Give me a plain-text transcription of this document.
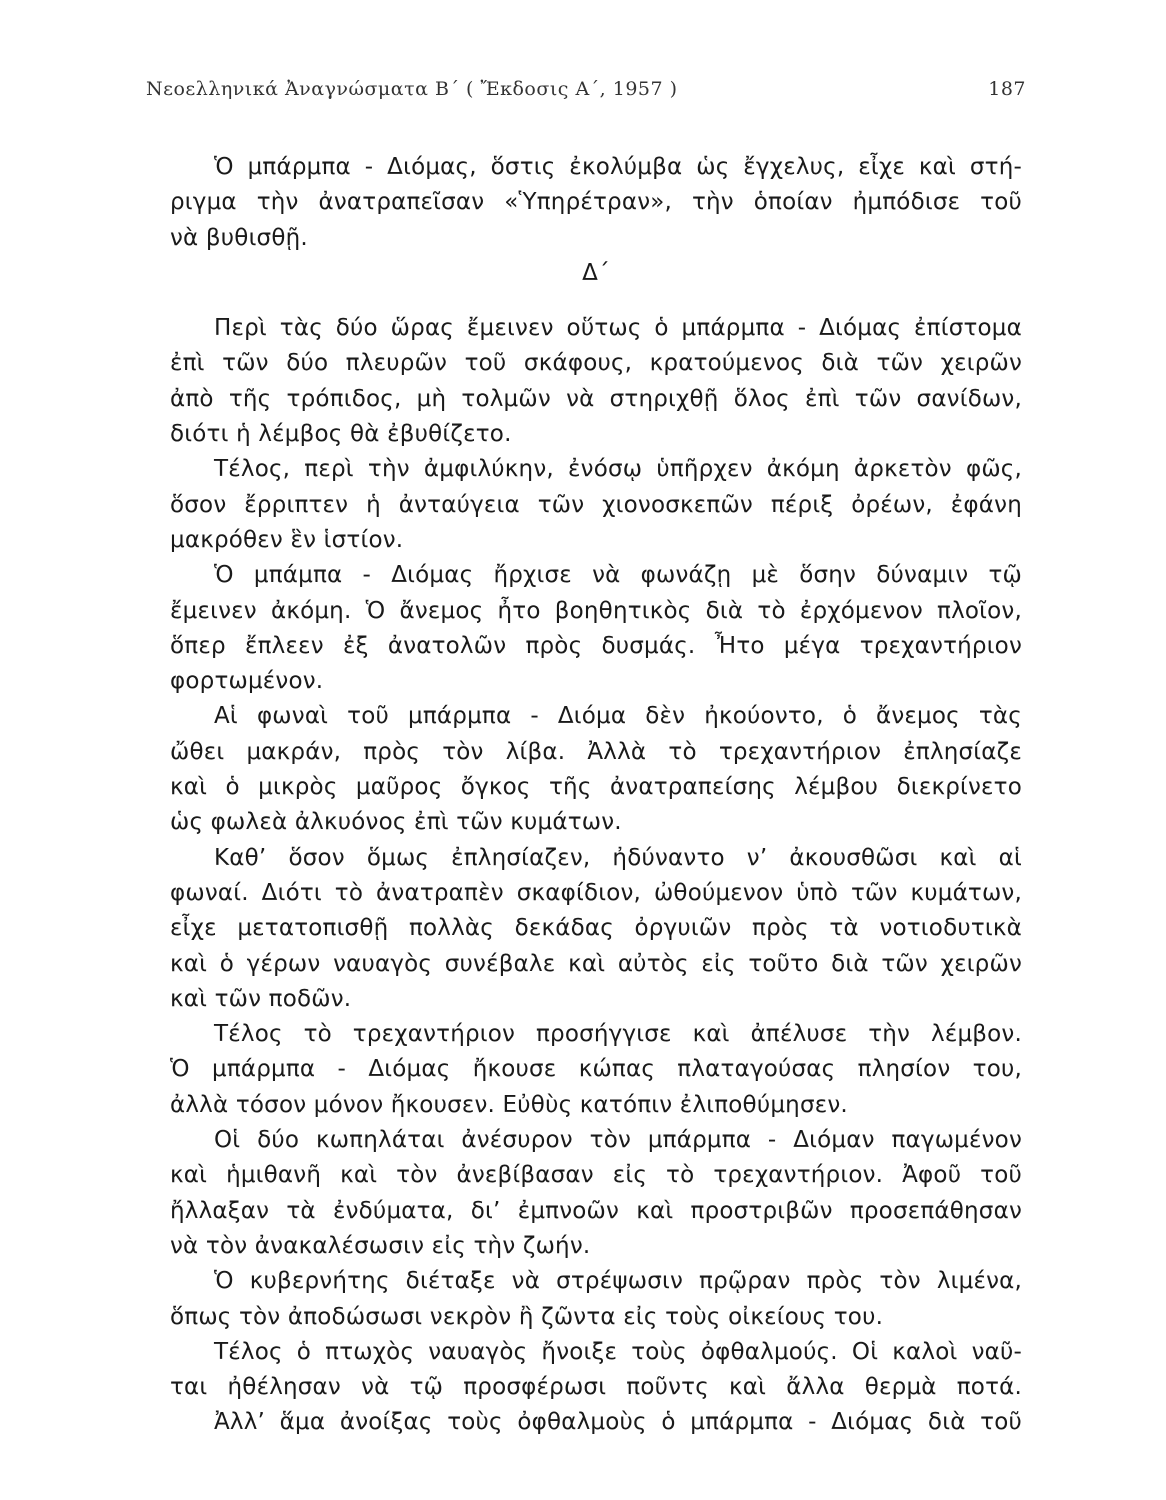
Νεοελληνικά Ἀναγνώσματα Β΄ ( Ἔκδοσις Α΄, 1957 )	187
Ὁ μπάρμπα - Διόμας, ὅστις ἐκολύμβα ὡς ἔγχελυς, εἶχε καὶ στή-
ριγμα τὴν ἀνατραπεῖσαν «Ὑπηρέτραν», τὴν ὁποίαν ἠμπόδισε τοῦ
νὰ βυθισθῇ.
Δ΄
Περὶ τὰς δύο ὥρας ἔμεινεν οὕτως ὁ μπάρμπα - Διόμας ἐπίστομα
ἐπὶ τῶν δύο πλευρῶν τοῦ σκάφους, κρατούμενος διὰ τῶν χειρῶν
ἀπὸ τῆς τρόπιδος, μὴ τολμῶν νὰ στηριχθῇ ὅλος ἐπὶ τῶν σανίδων,
διότι ἡ λέμβος θὰ ἐβυθίζετο.
Τέλος, περὶ τὴν ἀμφιλύκην, ἐνόσῳ ὑπῆρχεν ἀκόμη ἀρκετὸν φῶς,
ὅσον ἔρριπτεν ἡ ἀνταύγεια τῶν χιονοσκεπῶν πέριξ ὀρέων, ἐφάνη
μακρόθεν ἓν ἱστίον.
Ὁ μπάμπα - Διόμας ἤρχισε νὰ φωνάζῃ μὲ ὅσην δύναμιν τῷ
ἔμεινεν ἀκόμη. Ὁ ἄνεμος ἦτο βοηθητικὸς διὰ τὸ ἐρχόμενον πλοῖον,
ὅπερ ἔπλεεν ἐξ ἀνατολῶν πρὸς δυσμάς. Ἦτο μέγα τρεχαντήριον
φορτωμένον.
Αἱ φωναὶ τοῦ μπάρμπα - Διόμα δὲν ἠκούοντο, ὁ ἄνεμος τὰς
ὤθει μακράν, πρὸς τὸν λίβα. Ἀλλὰ τὸ τρεχαντήριον ἐπλησίαζε
καὶ ὁ μικρὸς μαῦρος ὄγκος τῆς ἀνατραπείσης λέμβου διεκρίνετο
ὡς φωλεὰ ἀλκυόνος ἐπὶ τῶν κυμάτων.
Καθ’ ὅσον ὅμως ἐπλησίαζεν, ἠδύναντο ν’ ἀκουσθῶσι καὶ αἱ
φωναί. Διότι τὸ ἀνατραπὲν σκαφίδιον, ὠθούμενον ὑπὸ τῶν κυμάτων,
εἶχε μετατοπισθῇ πολλὰς δεκάδας ὀργυιῶν πρὸς τὰ νοτιοδυτικὰ
καὶ ὁ γέρων ναυαγὸς συνέβαλε καὶ αὐτὸς εἰς τοῦτο διὰ τῶν χειρῶν
καὶ τῶν ποδῶν.
Τέλος τὸ τρεχαντήριον προσήγγισε καὶ ἀπέλυσε τὴν λέμβον.
Ὁ μπάρμπα - Διόμας ἤκουσε κώπας πλαταγούσας πλησίον του,
ἀλλὰ τόσον μόνον ἤκουσεν. Εὐθὺς κατόπιν ἐλιποθύμησεν.
Οἱ δύο κωπηλάται ἀνέσυρον τὸν μπάρμπα - Διόμαν παγωμένον
καὶ ἡμιθανῆ καὶ τὸν ἀνεβίβασαν εἰς τὸ τρεχαντήριον. Ἀφοῦ τοῦ
ἤλλαξαν τὰ ἐνδύματα, δι’ ἐμπνοῶν καὶ προστριβῶν προσεπάθησαν
νὰ τὸν ἀνακαλέσωσιν εἰς τὴν ζωήν.
Ὁ κυβερνήτης διέταξε νὰ στρέψωσιν πρῷραν πρὸς τὸν λιμένα,
ὅπως τὸν ἀποδώσωσι νεκρὸν ἢ ζῶντα εἰς τοὺς οἰκείους του.
Τέλος ὁ πτωχὸς ναυαγὸς ἤνοιξε τοὺς ὀφθαλμούς. Οἱ καλοὶ ναῦ-
ται ἠθέλησαν νὰ τῷ προσφέρωσι ποῦντς καὶ ἄλλα θερμὰ ποτά.
Ἀλλ’ ἅμα ἀνοίξας τοὺς ὀφθαλμοὺς ὁ μπάρμπα - Διόμας διὰ τοῦ
